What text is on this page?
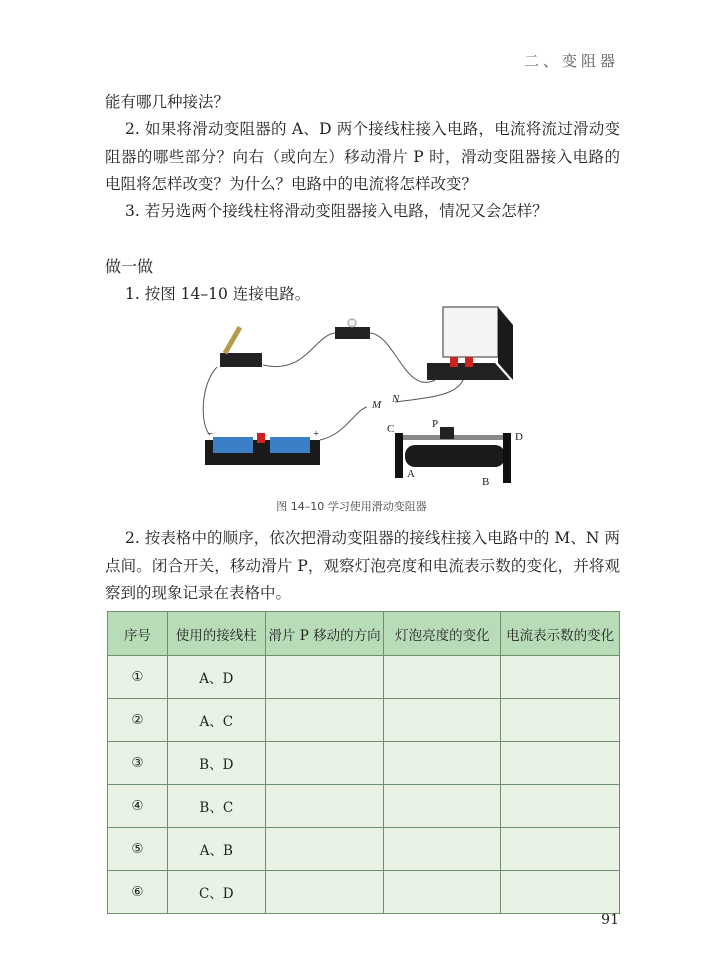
二、变阻器
能有哪几种接法？
2. 如果将滑动变阻器的 A、D 两个接线柱接入电路，电流将流过滑动变阻器的哪些部分？向右（或向左）移动滑片 P 时，滑动变阻器接入电路的电阻将怎样改变？为什么？电路中的电流将怎样改变？
3. 若另选两个接线柱将滑动变阻器接入电路，情况又会怎样？
做一做
1. 按图 14–10 连接电路。
M N
C	P
D
A
B
−	+
图 14–10 学习使用滑动变阻器
2. 按表格中的顺序，依次把滑动变阻器的接线柱接入电路中的 M、N 两点间。闭合开关，移动滑片 P，观察灯泡亮度和电流表示数的变化，并将观察到的现象记录在表格中。
序号	使用的接线柱	滑片 P 移动的方向	灯泡亮度的变化	电流表示数的变化
①	A、D			
②	A、C			
③	B、D			
④	B、C			
⑤	A、B			
⑥	C、D			
91
